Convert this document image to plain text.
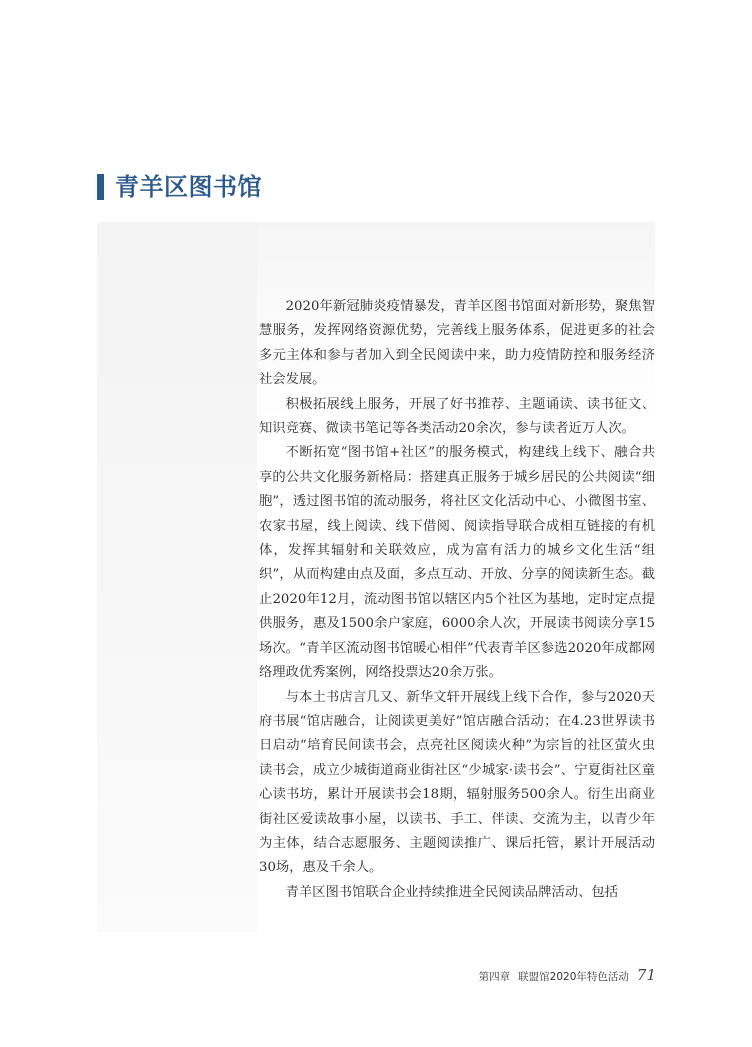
青羊区图书馆

2020年新冠肺炎疫情暴发，青羊区图书馆面对新形势，聚焦智慧服务，发挥网络资源优势，完善线上服务体系，促进更多的社会多元主体和参与者加入到全民阅读中来，助力疫情防控和服务经济社会发展。

积极拓展线上服务，开展了好书推荐、主题诵读、读书征文、知识竞赛、微读书笔记等各类活动20余次，参与读者近万人次。

不断拓宽“图书馆+社区”的服务模式，构建线上线下、融合共享的公共文化服务新格局：搭建真正服务于城乡居民的公共阅读“细胞”，透过图书馆的流动服务，将社区文化活动中心、小微图书室、农家书屋，线上阅读、线下借阅、阅读指导联合成相互链接的有机体，发挥其辐射和关联效应，成为富有活力的城乡文化生活“组织”，从而构建由点及面，多点互动、开放、分享的阅读新生态。截止2020年12月，流动图书馆以辖区内5个社区为基地，定时定点提供服务，惠及1500余户家庭，6000余人次，开展读书阅读分享15场次。“青羊区流动图书馆暖心相伴”代表青羊区参选2020年成都网络理政优秀案例，网络投票达20余万张。

与本土书店言几又、新华文轩开展线上线下合作，参与2020天府书展“馆店融合，让阅读更美好”馆店融合活动；在4.23世界读书日启动“培育民间读书会，点亮社区阅读火种”为宗旨的社区萤火虫读书会，成立少城街道商业街社区“少城家·读书会”、宁夏街社区童心读书坊，累计开展读书会18期，辐射服务500余人。衍生出商业街社区爱读故事小屋，以读书、手工、伴读、交流为主，以青少年为主体，结合志愿服务、主题阅读推广、课后托管，累计开展活动30场，惠及千余人。

青羊区图书馆联合企业持续推进全民阅读品牌活动、包括

第四章 联盟馆2020年特色活动 71
